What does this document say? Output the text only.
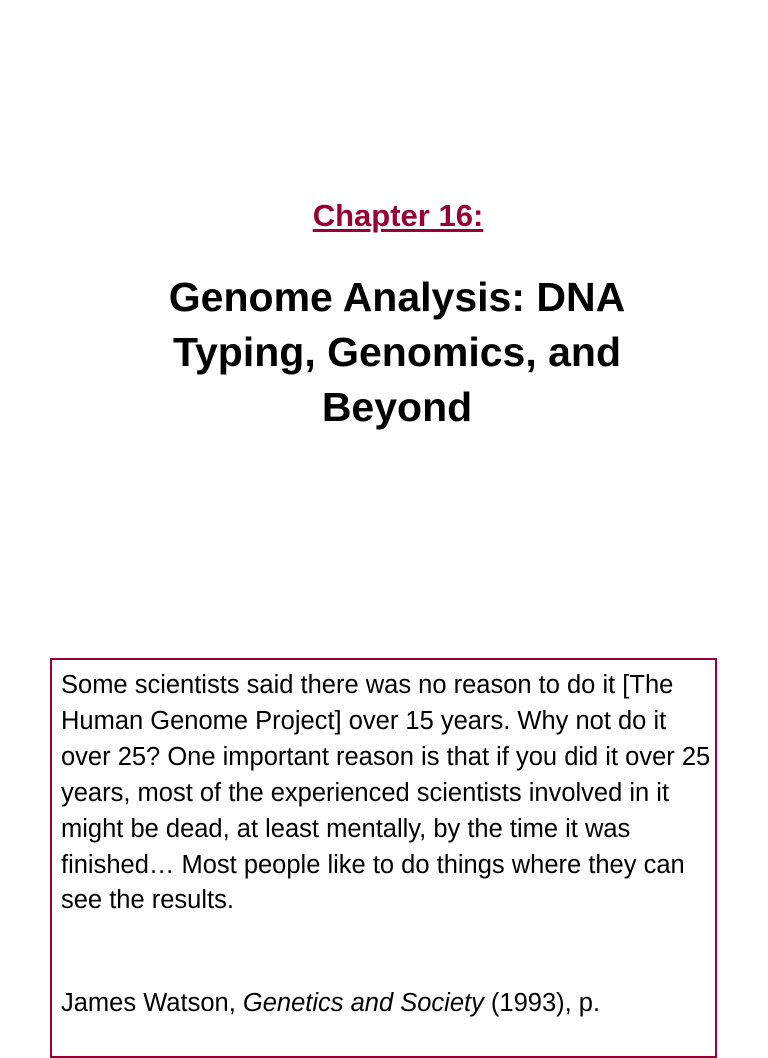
Chapter 16:
Genome Analysis: DNA Typing, Genomics, and Beyond

Some scientists said there was no reason to do it [The Human Genome Project] over 15 years. Why not do it over 25? One important reason is that if you did it over 25 years, most of the experienced scientists involved in it might be dead, at least mentally, by the time it was finished… Most people like to do things where they can see the results.

James Watson, Genetics and Society (1993), p.
